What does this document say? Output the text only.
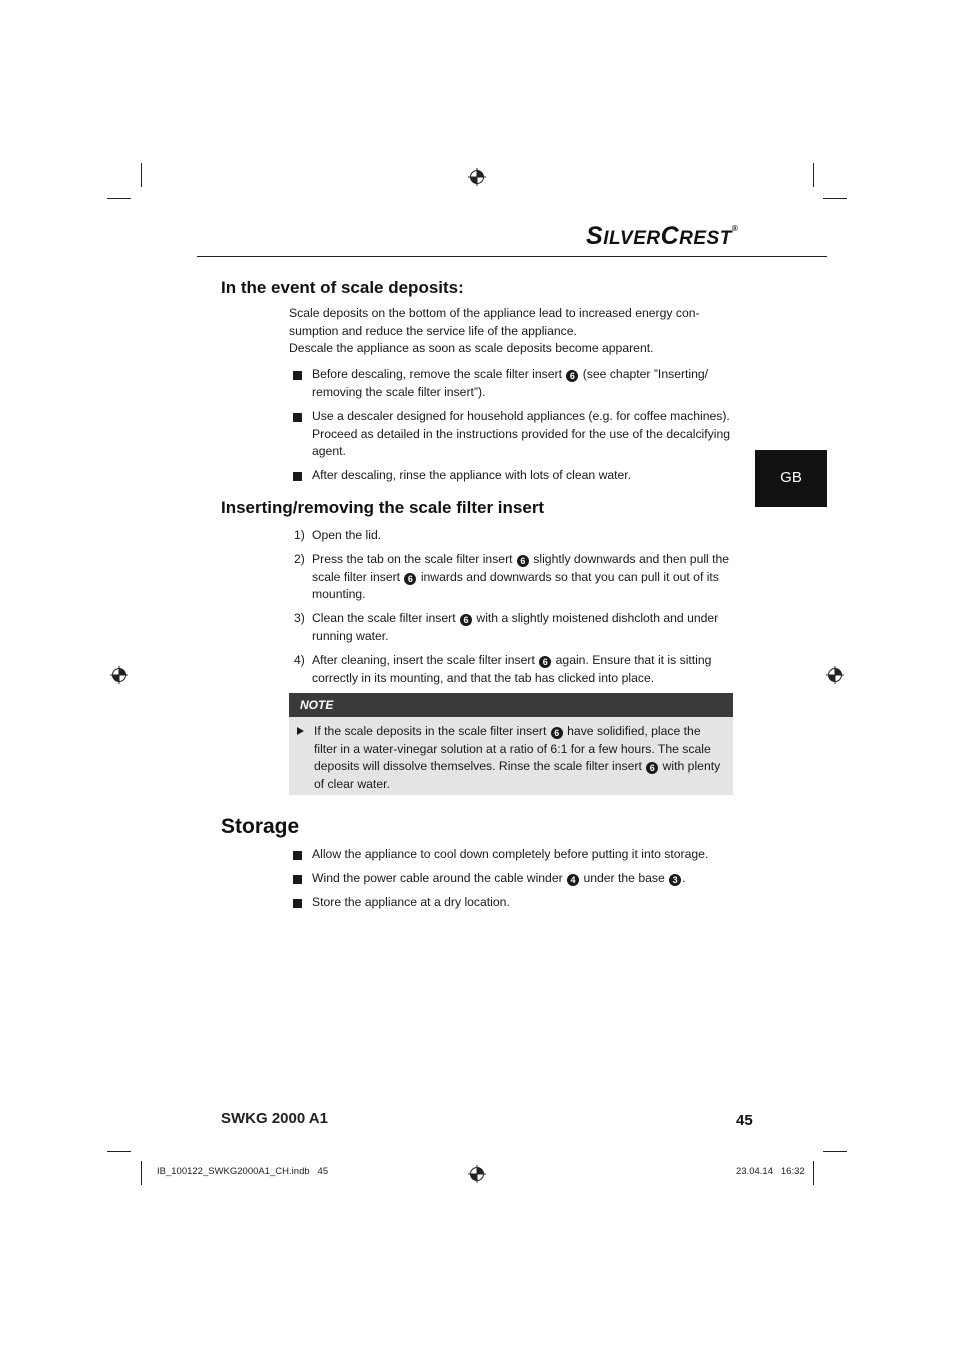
SILVERCREST®
GB
In the event of scale deposits:

Scale deposits on the bottom of the appliance lead to increased energy con-
sumption and reduce the service life of the appliance.
Descale the appliance as soon as scale deposits become apparent.

Before descaling, remove the scale filter insert 6 (see chapter ”Inserting/ removing the scale filter insert”).
Use a descaler designed for household appliances (e.g. for coffee machines). Proceed as detailed in the instructions provided for the use of the decalcifying agent.
After descaling, rinse the appliance with lots of clean water.
Inserting/removing the scale filter insert
1) Open the lid.
2) Press the tab on the scale filter insert 6 slightly downwards and then pull the scale filter insert 6 inwards and downwards so that you can pull it out of its mounting.
3) Clean the scale filter insert 6 with a slightly moistened dishcloth and under running water.
4) After cleaning, insert the scale filter insert 6 again. Ensure that it is sitting correctly in its mounting, and that the tab has clicked into place.
NOTE
If the scale deposits in the scale filter insert 6 have solidified, place the filter in a water-vinegar solution at a ratio of 6:1 for a few hours. The scale deposits will dissolve themselves. Rinse the scale filter insert 6 with plenty of clear water.
Storage
Allow the appliance to cool down completely before putting it into storage.
Wind the power cable around the cable winder 4 under the base 3 .
Store the appliance at a dry location.
SWKG 2000 A1	45
IB_100122_SWKG2000A1_CH.indb   45	23.04.14   16:32
